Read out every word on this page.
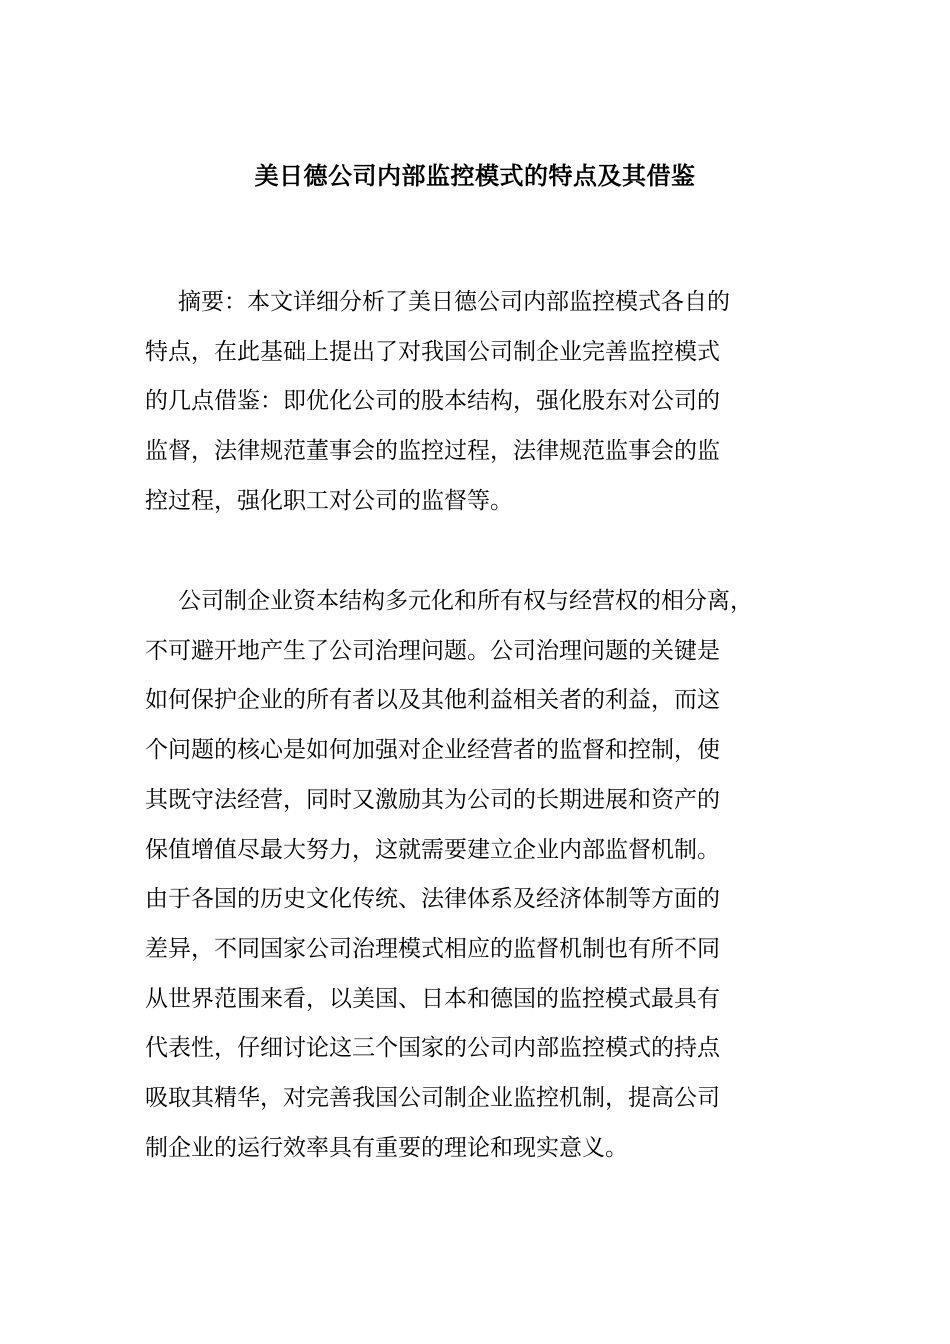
美日德公司内部监控模式的特点及其借鉴
摘要：本文详细分析了美日德公司内部监控模式各自的
特点，在此基础上提出了对我国公司制企业完善监控模式
的几点借鉴：即优化公司的股本结构，强化股东对公司的
监督，法律规范董事会的监控过程，法律规范监事会的监
控过程，强化职工对公司的监督等。
公司制企业资本结构多元化和所有权与经营权的相分离，
不可避开地产生了公司治理问题。公司治理问题的关键是
如何保护企业的所有者以及其他利益相关者的利益，而这
个问题的核心是如何加强对企业经营者的监督和控制，使
其既守法经营，同时又激励其为公司的长期进展和资产的
保值增值尽最大努力，这就需要建立企业内部监督机制。
由于各国的历史文化传统、法律体系及经济体制等方面的
差异，不同国家公司治理模式相应的监督机制也有所不同
从世界范围来看，以美国、日本和德国的监控模式最具有
代表性，仔细讨论这三个国家的公司内部监控模式的持点
吸取其精华，对完善我国公司制企业监控机制，提高公司
制企业的运行效率具有重要的理论和现实意义。
